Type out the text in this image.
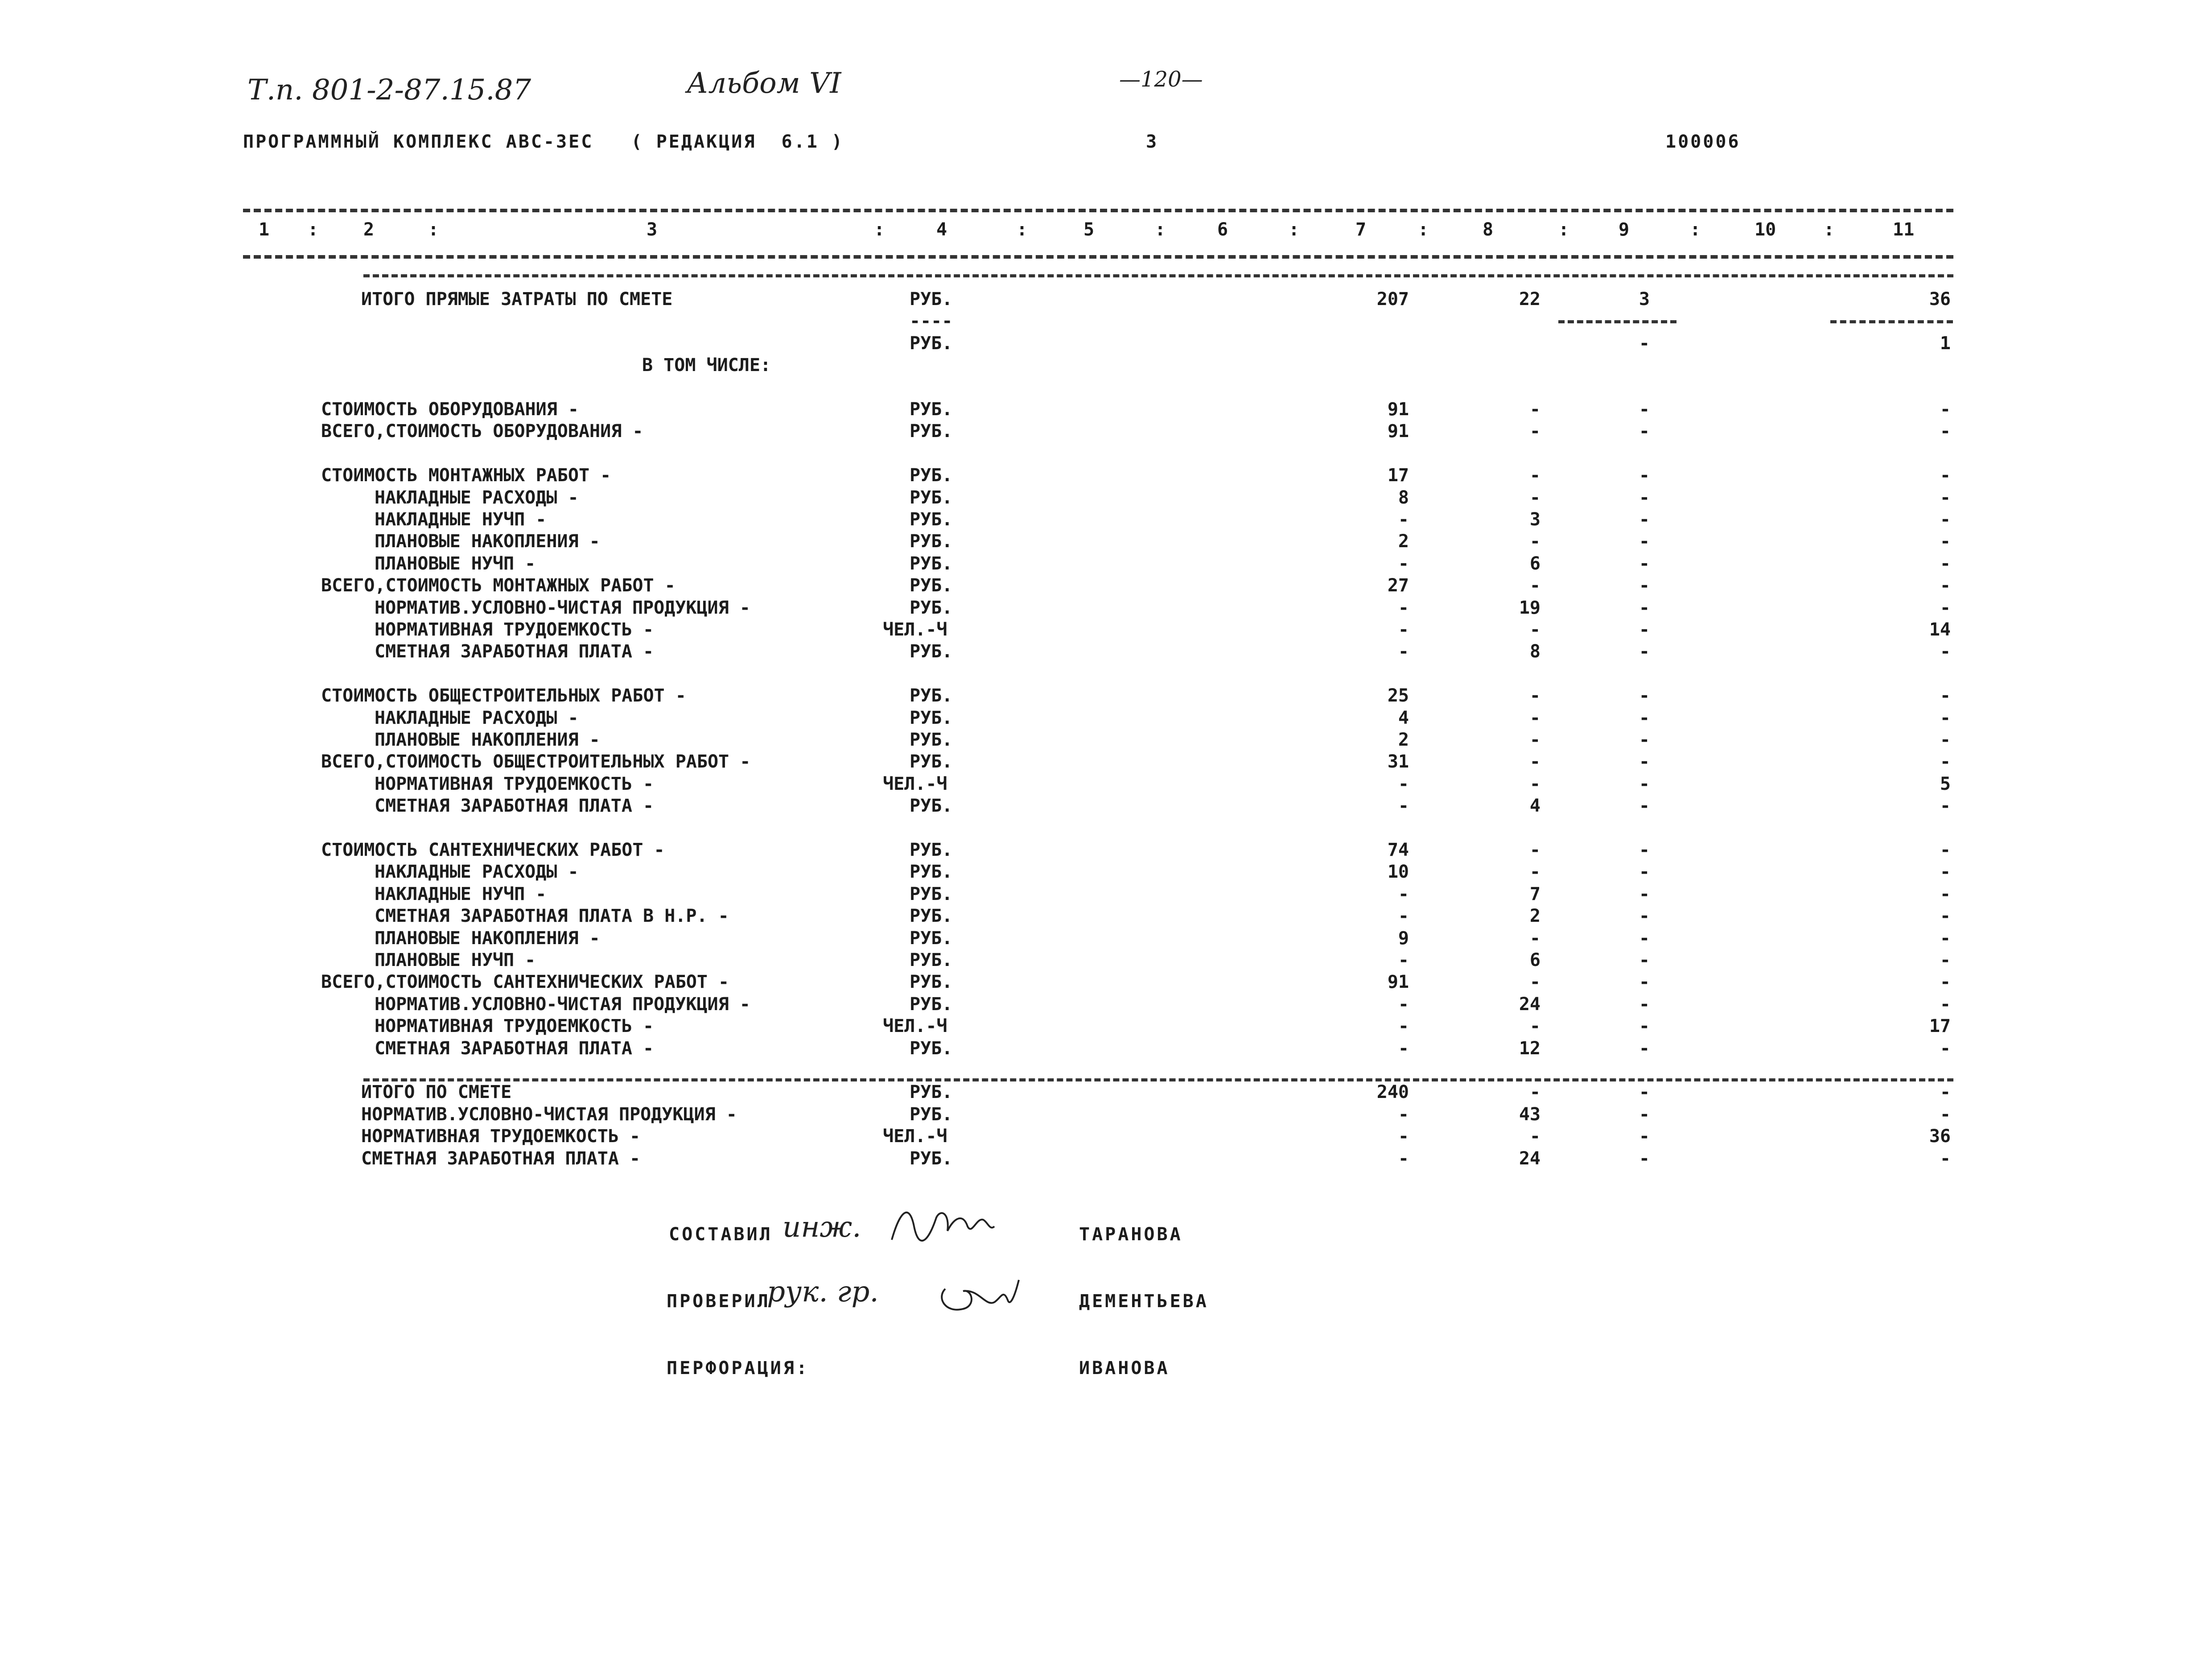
Т.п. 801-2-87.15.87	Альбом VI	—120—
ПРОГРАММНЫЙ КОМПЛЕКС АВС-ЗЕС   ( РЕДАКЦИЯ  6.1 )	3	100006
1	2	3	4	5	6	7	8	9	10	11
:	:	:	:	:	:	:	:	:	:
ИТОГО ПРЯМЫЕ ЗАТРАТЫ ПО СМЕТЕ	РУБ.	207	22	3	36
----
РУБ.	-	1
В ТОМ ЧИСЛЕ:
СТОИМОСТЬ ОБОРУДОВАНИЯ -	РУБ.	91	-	-	-
ВСЕГО,СТОИМОСТЬ ОБОРУДОВАНИЯ -	РУБ.	91	-	-	-
СТОИМОСТЬ МОНТАЖНЫХ РАБОТ -	РУБ.	17	-	-	-
НАКЛАДНЫЕ РАСХОДЫ -	РУБ.	8	-	-	-
НАКЛАДНЫЕ НУЧП -	РУБ.	-	3	-	-
ПЛАНОВЫЕ НАКОПЛЕНИЯ -	РУБ.	2	-	-	-
ПЛАНОВЫЕ НУЧП -	РУБ.	-	6	-	-
ВСЕГО,СТОИМОСТЬ МОНТАЖНЫХ РАБОТ -	РУБ.	27	-	-	-
НОРМАТИВ.УСЛОВНО-ЧИСТАЯ ПРОДУКЦИЯ -	РУБ.	-	19	-	-
НОРМАТИВНАЯ ТРУДОЕМКОСТЬ -	ЧЕЛ.-Ч	-	-	-	14
СМЕТНАЯ ЗАРАБОТНАЯ ПЛАТА -	РУБ.	-	8	-	-
СТОИМОСТЬ ОБЩЕСТРОИТЕЛЬНЫХ РАБОТ -	РУБ.	25	-	-	-
НАКЛАДНЫЕ РАСХОДЫ -	РУБ.	4	-	-	-
ПЛАНОВЫЕ НАКОПЛЕНИЯ -	РУБ.	2	-	-	-
ВСЕГО,СТОИМОСТЬ ОБЩЕСТРОИТЕЛЬНЫХ РАБОТ -	РУБ.	31	-	-	-
НОРМАТИВНАЯ ТРУДОЕМКОСТЬ -	ЧЕЛ.-Ч	-	-	-	5
СМЕТНАЯ ЗАРАБОТНАЯ ПЛАТА -	РУБ.	-	4	-	-
СТОИМОСТЬ САНТЕХНИЧЕСКИХ РАБОТ -	РУБ.	74	-	-	-
НАКЛАДНЫЕ РАСХОДЫ -	РУБ.	10	-	-	-
НАКЛАДНЫЕ НУЧП -	РУБ.	-	7	-	-
СМЕТНАЯ ЗАРАБОТНАЯ ПЛАТА В Н.Р. -	РУБ.	-	2	-	-
ПЛАНОВЫЕ НАКОПЛЕНИЯ -	РУБ.	9	-	-	-
ПЛАНОВЫЕ НУЧП -	РУБ.	-	6	-	-
ВСЕГО,СТОИМОСТЬ САНТЕХНИЧЕСКИХ РАБОТ -	РУБ.	91	-	-	-
НОРМАТИВ.УСЛОВНО-ЧИСТАЯ ПРОДУКЦИЯ -	РУБ.	-	24	-	-
НОРМАТИВНАЯ ТРУДОЕМКОСТЬ -	ЧЕЛ.-Ч	-	-	-	17
СМЕТНАЯ ЗАРАБОТНАЯ ПЛАТА -	РУБ.	-	12	-	-
ИТОГО ПО СМЕТЕ	РУБ.	240	-	-	-
НОРМАТИВ.УСЛОВНО-ЧИСТАЯ ПРОДУКЦИЯ -	РУБ.	-	43	-	-
НОРМАТИВНАЯ ТРУДОЕМКОСТЬ -	ЧЕЛ.-Ч	-	-	-	36
СМЕТНАЯ ЗАРАБОТНАЯ ПЛАТА -	РУБ.	-	24	-	-
СОСТАВИЛ инж.	ТАРАНОВА
ПРОВЕРИЛ
рук. гр.	ДЕМЕНТЬЕВА
ПЕРФОРАЦИЯ:	ИВАНОВА
